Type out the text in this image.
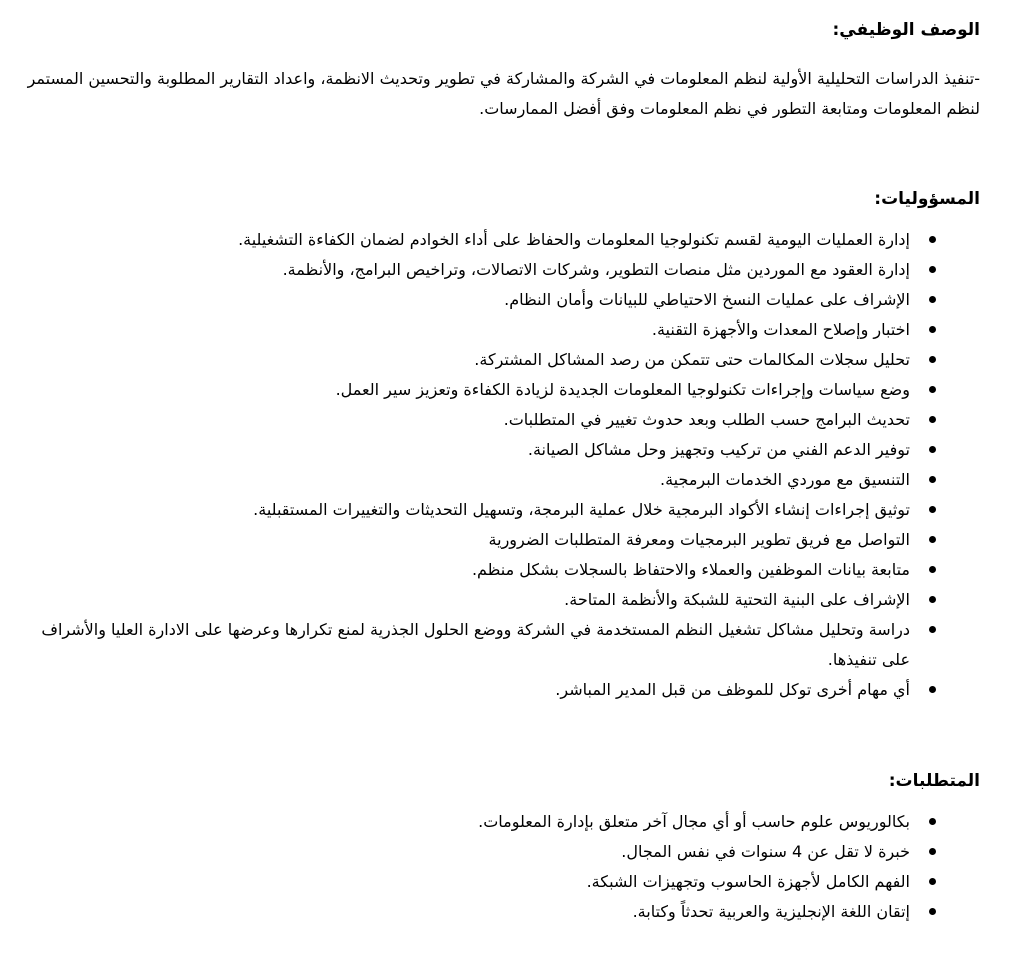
الوصف الوظيفي:

-تنفيذ الدراسات التحليلية الأولية لنظم المعلومات في الشركة والمشاركة في تطوير وتحديث الانظمة، واعداد التقارير المطلوبة والتحسين المستمر لنظم المعلومات ومتابعة التطور في نظم المعلومات وفق أفضل الممارسات.

المسؤوليات:
إدارة العمليات اليومية لقسم تكنولوجيا المعلومات والحفاظ على أداء الخوادم لضمان الكفاءة التشغيلية.
إدارة العقود مع الموردين مثل منصات التطوير، وشركات الاتصالات، وتراخيص البرامج، والأنظمة.
الإشراف على عمليات النسخ الاحتياطي للبيانات وأمان النظام.
اختبار وإصلاح المعدات والأجهزة التقنية.
تحليل سجلات المكالمات حتى تتمكن من رصد المشاكل المشتركة.
وضع سياسات وإجراءات تكنولوجيا المعلومات الجديدة لزيادة الكفاءة وتعزيز سير العمل.
تحديث البرامج حسب الطلب وبعد حدوث تغيير في المتطلبات.
توفير الدعم الفني من تركيب وتجهيز وحل مشاكل الصيانة.
التنسيق مع موردي الخدمات البرمجية.
توثيق إجراءات إنشاء الأكواد البرمجية خلال عملية البرمجة، وتسهيل التحديثات والتغييرات المستقبلية.
التواصل مع فريق تطوير البرمجيات ومعرفة المتطلبات الضرورية
متابعة بيانات الموظفين والعملاء والاحتفاظ بالسجلات بشكل منظم.
الإشراف على البنية التحتية للشبكة والأنظمة المتاحة.
دراسة وتحليل مشاكل تشغيل النظم المستخدمة في الشركة ووضع الحلول الجذرية لمنع تكرارها وعرضها على الادارة العليا والأشراف على تنفيذها.
أي مهام أخرى توكل للموظف من قبل المدير المباشر.
المتطلبات:
بكالوريوس علوم حاسب أو أي مجال آخر متعلق بإدارة المعلومات.
خبرة لا تقل عن 4 سنوات في نفس المجال.
الفهم الكامل لأجهزة الحاسوب وتجهيزات الشبكة.
إتقان اللغة الإنجليزية والعربية تحدثاً وكتابة.
